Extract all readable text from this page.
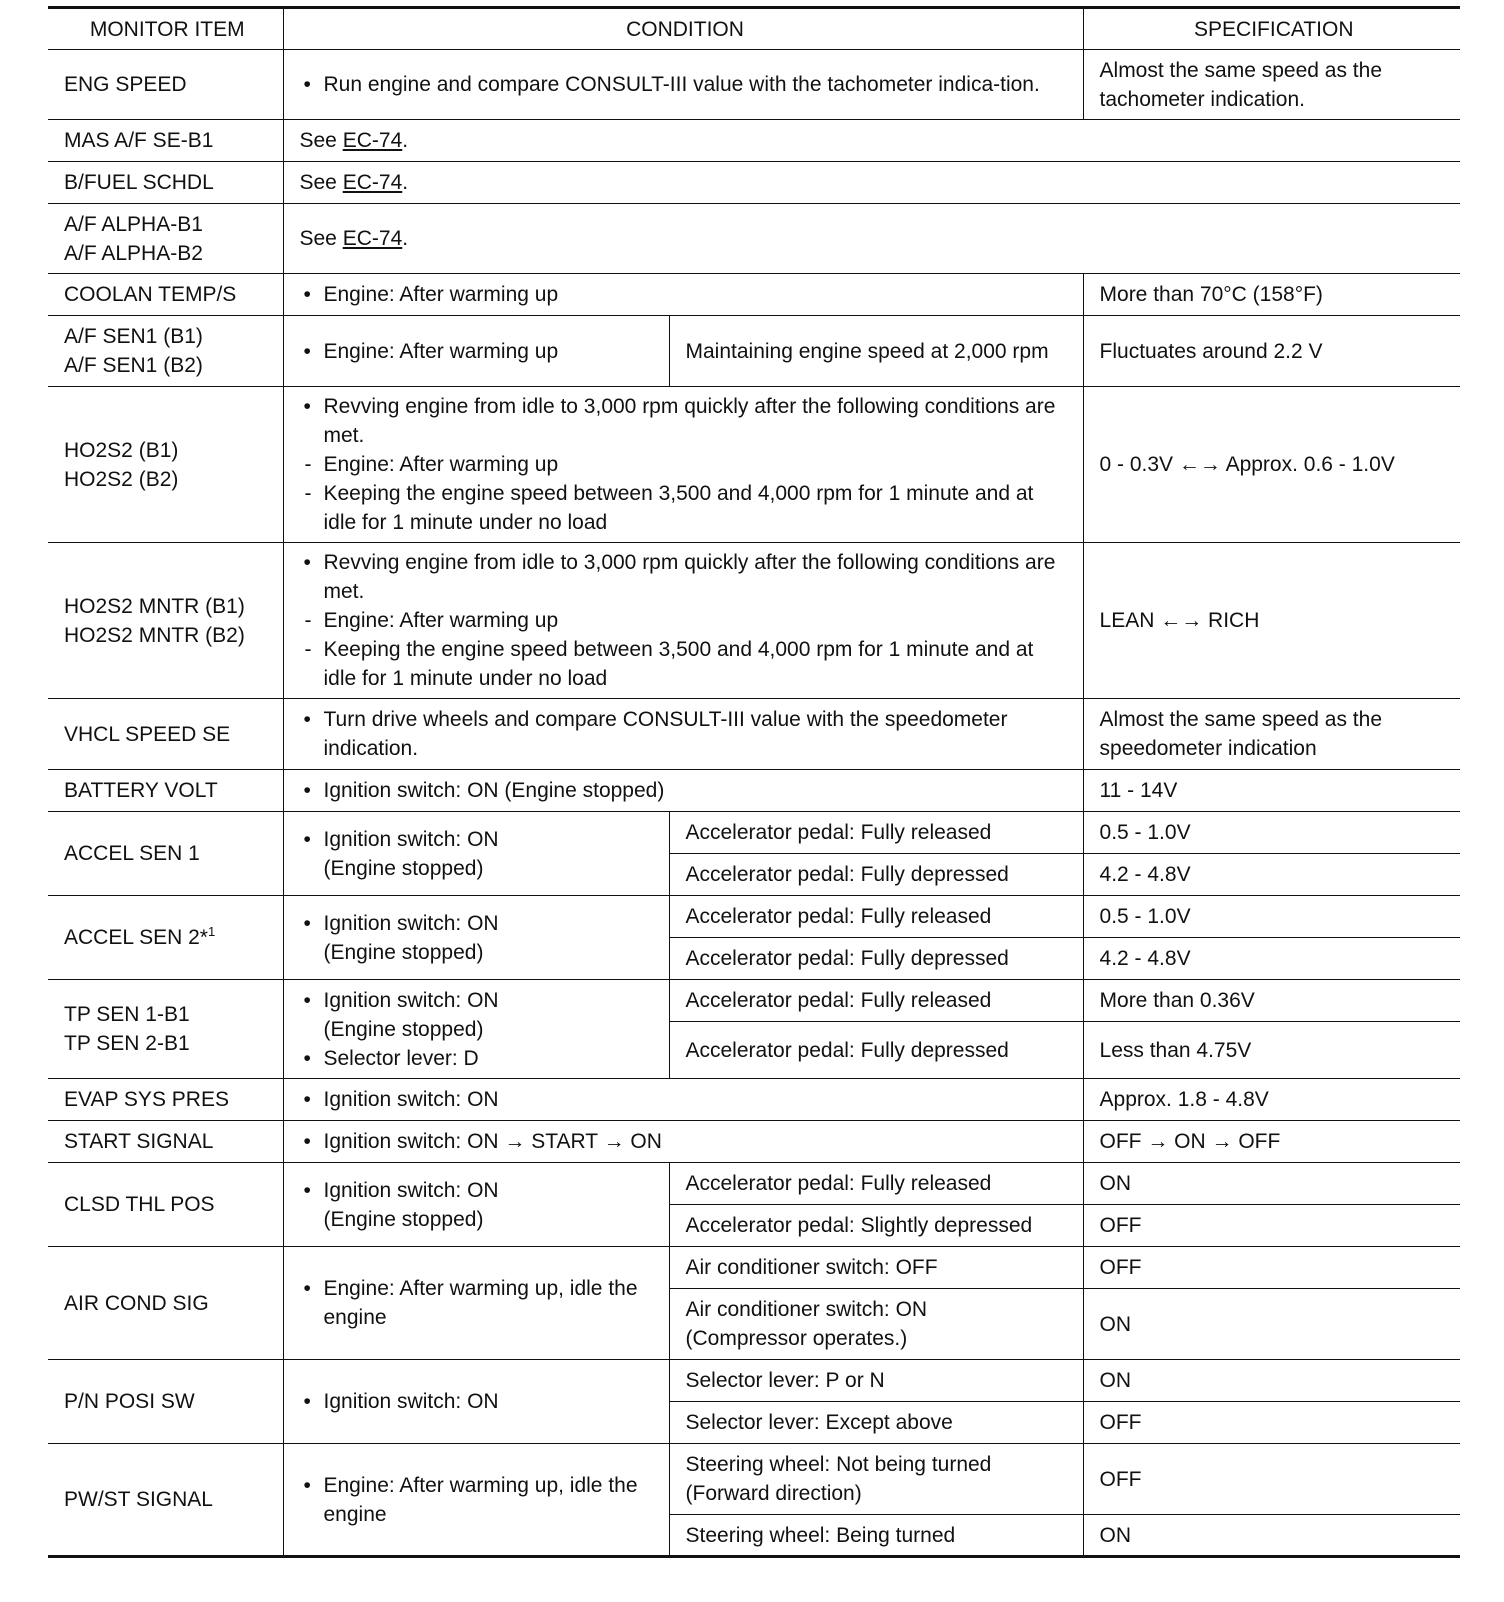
MONITOR ITEM	CONDITION		SPECIFICATION
ENG SPEED	• Run engine and compare CONSULT-III value with the tachometer indica-tion.		Almost the same speed as the tachometer indication.
MAS A/F SE-B1	See EC-74.		
B/FUEL SCHDL	See EC-74.		
A/F ALPHA-B1
A/F ALPHA-B2	See EC-74.		
COOLAN TEMP/S	• Engine: After warming up		More than 70°C (158°F)
A/F SEN1 (B1)
A/F SEN1 (B2)	• Engine: After warming up	Maintaining engine speed at 2,000 rpm	Fluctuates around 2.2 V
HO2S2 (B1)
HO2S2 (B2)	• Revving engine from idle to 3,000 rpm quickly after the following conditions are met.
- Engine: After warming up
- Keeping the engine speed between 3,500 and 4,000 rpm for 1 minute and at idle for 1 minute under no load		0 - 0.3V ←→ Approx. 0.6 - 1.0V
HO2S2 MNTR (B1)
HO2S2 MNTR (B2)	• Revving engine from idle to 3,000 rpm quickly after the following conditions are met.
- Engine: After warming up
- Keeping the engine speed between 3,500 and 4,000 rpm for 1 minute and at idle for 1 minute under no load		LEAN ←→ RICH
VHCL SPEED SE	• Turn drive wheels and compare CONSULT-III value with the speedometer indication.		Almost the same speed as the speedometer indication
BATTERY VOLT	• Ignition switch: ON (Engine stopped)		11 - 14V
ACCEL SEN 1	• Ignition switch: ON
(Engine stopped)	Accelerator pedal: Fully released	0.5 - 1.0V
		Accelerator pedal: Fully depressed	4.2 - 4.8V
ACCEL SEN 2*$^1$	• Ignition switch: ON
(Engine stopped)	Accelerator pedal: Fully released	0.5 - 1.0V
		Accelerator pedal: Fully depressed	4.2 - 4.8V
TP SEN 1-B1
TP SEN 2-B1	• Ignition switch: ON
(Engine stopped)
• Selector lever: D	Accelerator pedal: Fully released	More than 0.36V
		Accelerator pedal: Fully depressed	Less than 4.75V
EVAP SYS PRES	• Ignition switch: ON		Approx. 1.8 - 4.8V
START SIGNAL	• Ignition switch: ON → START → ON		OFF → ON → OFF
CLSD THL POS	• Ignition switch: ON
(Engine stopped)	Accelerator pedal: Fully released	ON
		Accelerator pedal: Slightly depressed	OFF
AIR COND SIG	• Engine: After warming up, idle the engine	Air conditioner switch: OFF	OFF
		Air conditioner switch: ON
(Compressor operates.)	ON
P/N POSI SW	• Ignition switch: ON	Selector lever: P or N	ON
		Selector lever: Except above	OFF
PW/ST SIGNAL	• Engine: After warming up, idle the engine	Steering wheel: Not being turned
(Forward direction)	OFF
		Steering wheel: Being turned	ON
